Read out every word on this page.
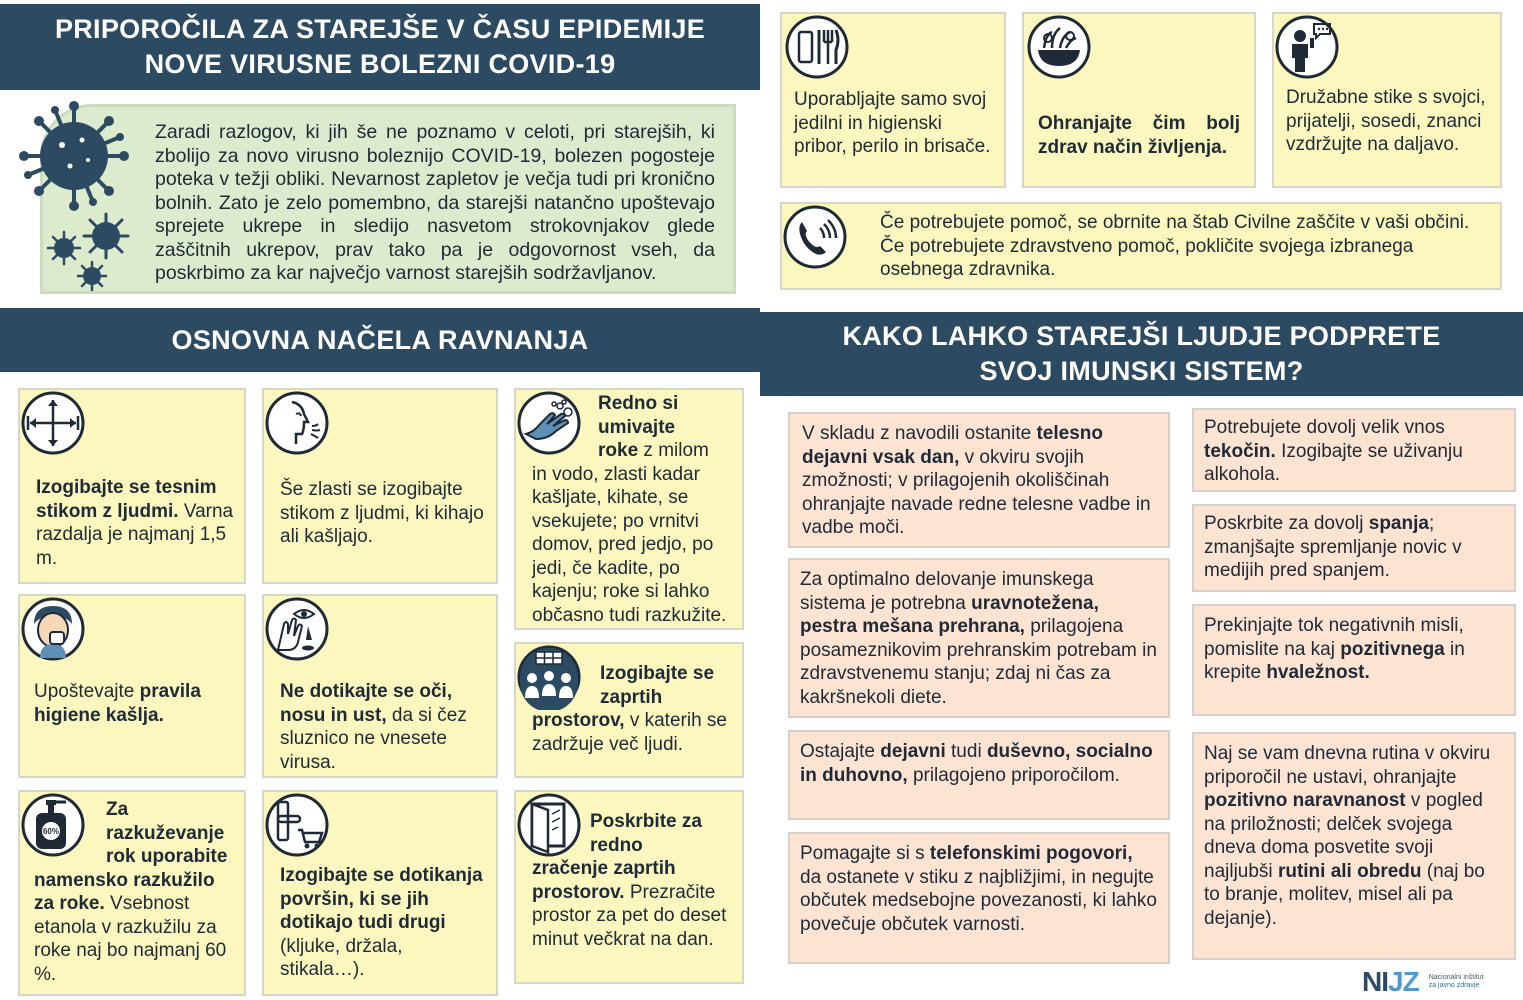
PRIPOROČILA ZA STAREJŠE V ČASU EPIDEMIJE
NOVE VIRUSNE BOLEZNI COVID-19
Zaradi razlogov, ki jih še ne poznamo v celoti, pri starejših, ki zbolijo za novo virusno boleznijo COVID-19, bolezen pogosteje poteka v težji obliki. Nevarnost zapletov je večja tudi pri kronično bolnih. Zato je zelo pomembno, da starejši natančno upoštevajo sprejete ukrepe in sledijo nasvetom strokovnjakov glede zaščitnih ukrepov, prav tako pa je odgovornost vseh, da poskrbimo za kar največjo varnost starejših sodržavljanov.
Uporabljajte samo svoj jedilni in higienski pribor, perilo in brisače.
Ohranjajte čim bolj zdrav način življenja.
Družabne stike s svojci, prijatelji, sosedi, znanci vzdržujte na daljavo.
Če potrebujete pomoč, se obrnite na štab Civilne zaščite v vaši občini. Če potrebujete zdravstveno pomoč, pokličite svojega izbranega osebnega zdravnika.
OSNOVNA NAČELA RAVNANJA	KAKO LAHKO STAREJŠI LJUDJE PODPRETE
SVOJ IMUNSKI SISTEM?
Izogibajte se tesnim stikom z ljudmi. Varna razdalja je najmanj 1,5 m.
Upoštevajte pravila higiene kašlja.
Za
razkuževanje
rok uporabite
namensko razkužilo za roke. Vsebnost etanola v razkužilu za roke naj bo najmanj 60 %.
60%
Še zlasti se izogibajte stikom z ljudmi, ki kihajo ali kašljajo.
Ne dotikajte se oči, nosu in ust, da si čez sluznico ne vnesete virusa.
Izogibajte se dotikanja površin, ki se jih dotikajo tudi drugi (kljuke, držala, stikala…).
Redno si
umivajte
roke z milom
in vodo, zlasti kadar kašljate, kihate, se vsekujete; po vrnitvi domov, pred jedjo, po jedi, če kadite, po kajenju; roke si lahko občasno tudi razkužite.
Izogibajte se
zaprtih
prostorov, v katerih se zadržuje več ljudi.
Poskrbite za
redno
zračenje zaprtih prostorov. Prezračite prostor za pet do deset minut večkrat na dan.
V skladu z navodili ostanite telesno dejavni vsak dan, v okviru svojih zmožnosti; v prilagojenih okoliščinah ohranjajte navade redne telesne vadbe in vadbe moči.
Za optimalno delovanje imunskega sistema je potrebna uravnotežena, pestra mešana prehrana, prilagojena posameznikovim prehranskim potrebam in zdravstvenemu stanju; zdaj ni čas za kakršnekoli diete.
Ostajajte dejavni tudi duševno, socialno in duhovno, prilagojeno priporočilom.
Pomagajte si s telefonskimi pogovori, da ostanete v stiku z najbližjimi, in negujte občutek medsebojne povezanosti, ki lahko povečuje občutek varnosti.
Potrebujete dovolj velik vnos tekočin. Izogibajte se uživanju alkohola.
Poskrbite za dovolj spanja; zmanjšajte spremljanje novic v medijih pred spanjem.
Prekinjajte tok negativnih misli, pomislite na kaj pozitivnega in krepite hvaležnost.
Naj se vam dnevna rutina v okviru priporočil ne ustavi, ohranjajte pozitivno naravnanost v pogled na priložnosti; delček svojega dneva doma posvetite svoji najljubši rutini ali obredu (naj bo to branje, molitev, misel ali pa dejanje).
NI JZ Nacionalni inštitut
za javno zdravje
